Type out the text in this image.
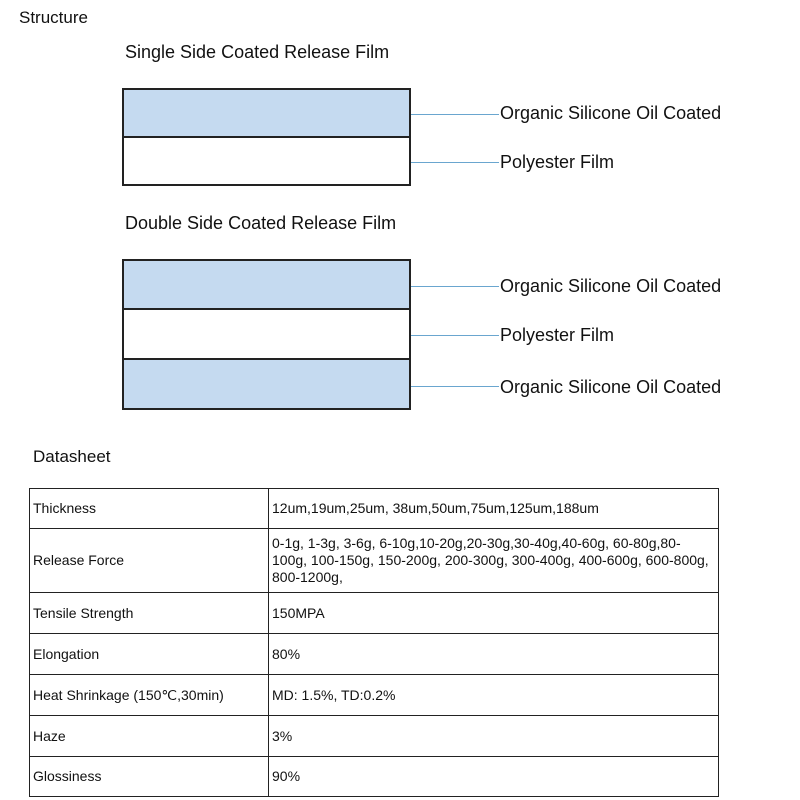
Structure
Single Side Coated Release Film
Organic Silicone Oil Coated
Polyester Film
Double Side Coated Release Film
Organic Silicone Oil Coated
Polyester Film
Organic Silicone Oil Coated
Datasheet
Thickness	12um,19um,25um, 38um,50um,75um,125um,188um
Release Force	0-1g, 1-3g, 3-6g, 6-10g,10-20g,20-30g,30-40g,40-60g, 60-80g,80-100g, 100-150g, 150-200g, 200-300g, 300-400g, 400-600g, 600-800g, 800-1200g,
Tensile Strength	150MPA
Elongation	80%
Heat Shrinkage (150℃,30min)	MD: 1.5%, TD:0.2%
Haze	3%
Glossiness	90%
